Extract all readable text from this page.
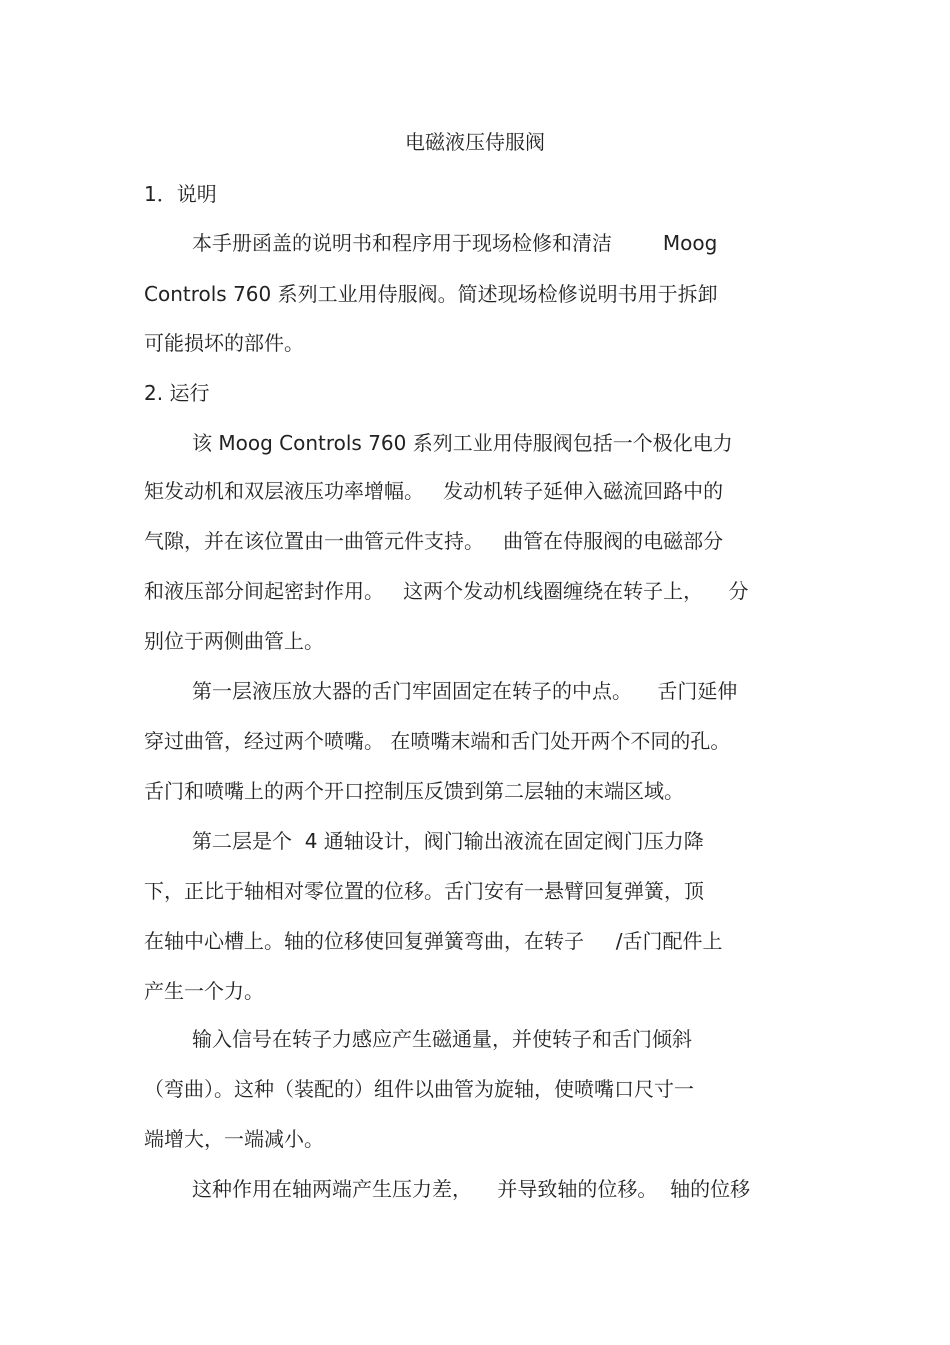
电磁液压侍服阀
1．说明
本手册函盖的说明书和程序用于现场检修和清洁        Moog
Controls 760 系列工业用侍服阀。简述现场检修说明书用于拆卸
可能损坏的部件。
2. 运行
该 Moog Controls 760 系列工业用侍服阀包括一个极化电力
矩发动机和双层液压功率增幅。   发动机转子延伸入磁流回路中的
气隙，并在该位置由一曲管元件支持。   曲管在侍服阀的电磁部分
和液压部分间起密封作用。   这两个发动机线圈缠绕在转子上，    分
别位于两侧曲管上。
第一层液压放大器的舌门牢固固定在转子的中点。    舌门延伸
穿过曲管，经过两个喷嘴。 在喷嘴末端和舌门处开两个不同的孔。
舌门和喷嘴上的两个开口控制压反馈到第二层轴的末端区域。
第二层是个  4 通轴设计，阀门输出液流在固定阀门压力降
下，正比于轴相对零位置的位移。舌门安有一悬臂回复弹簧，顶
在轴中心槽上。轴的位移使回复弹簧弯曲，在转子     /舌门配件上
产生一个力。
输入信号在转子力感应产生磁通量，并使转子和舌门倾斜
（弯曲）。这种（装配的）组件以曲管为旋轴，使喷嘴口尺寸一
端增大，一端减小。
这种作用在轴两端产生压力差，    并导致轴的位移。  轴的位移
